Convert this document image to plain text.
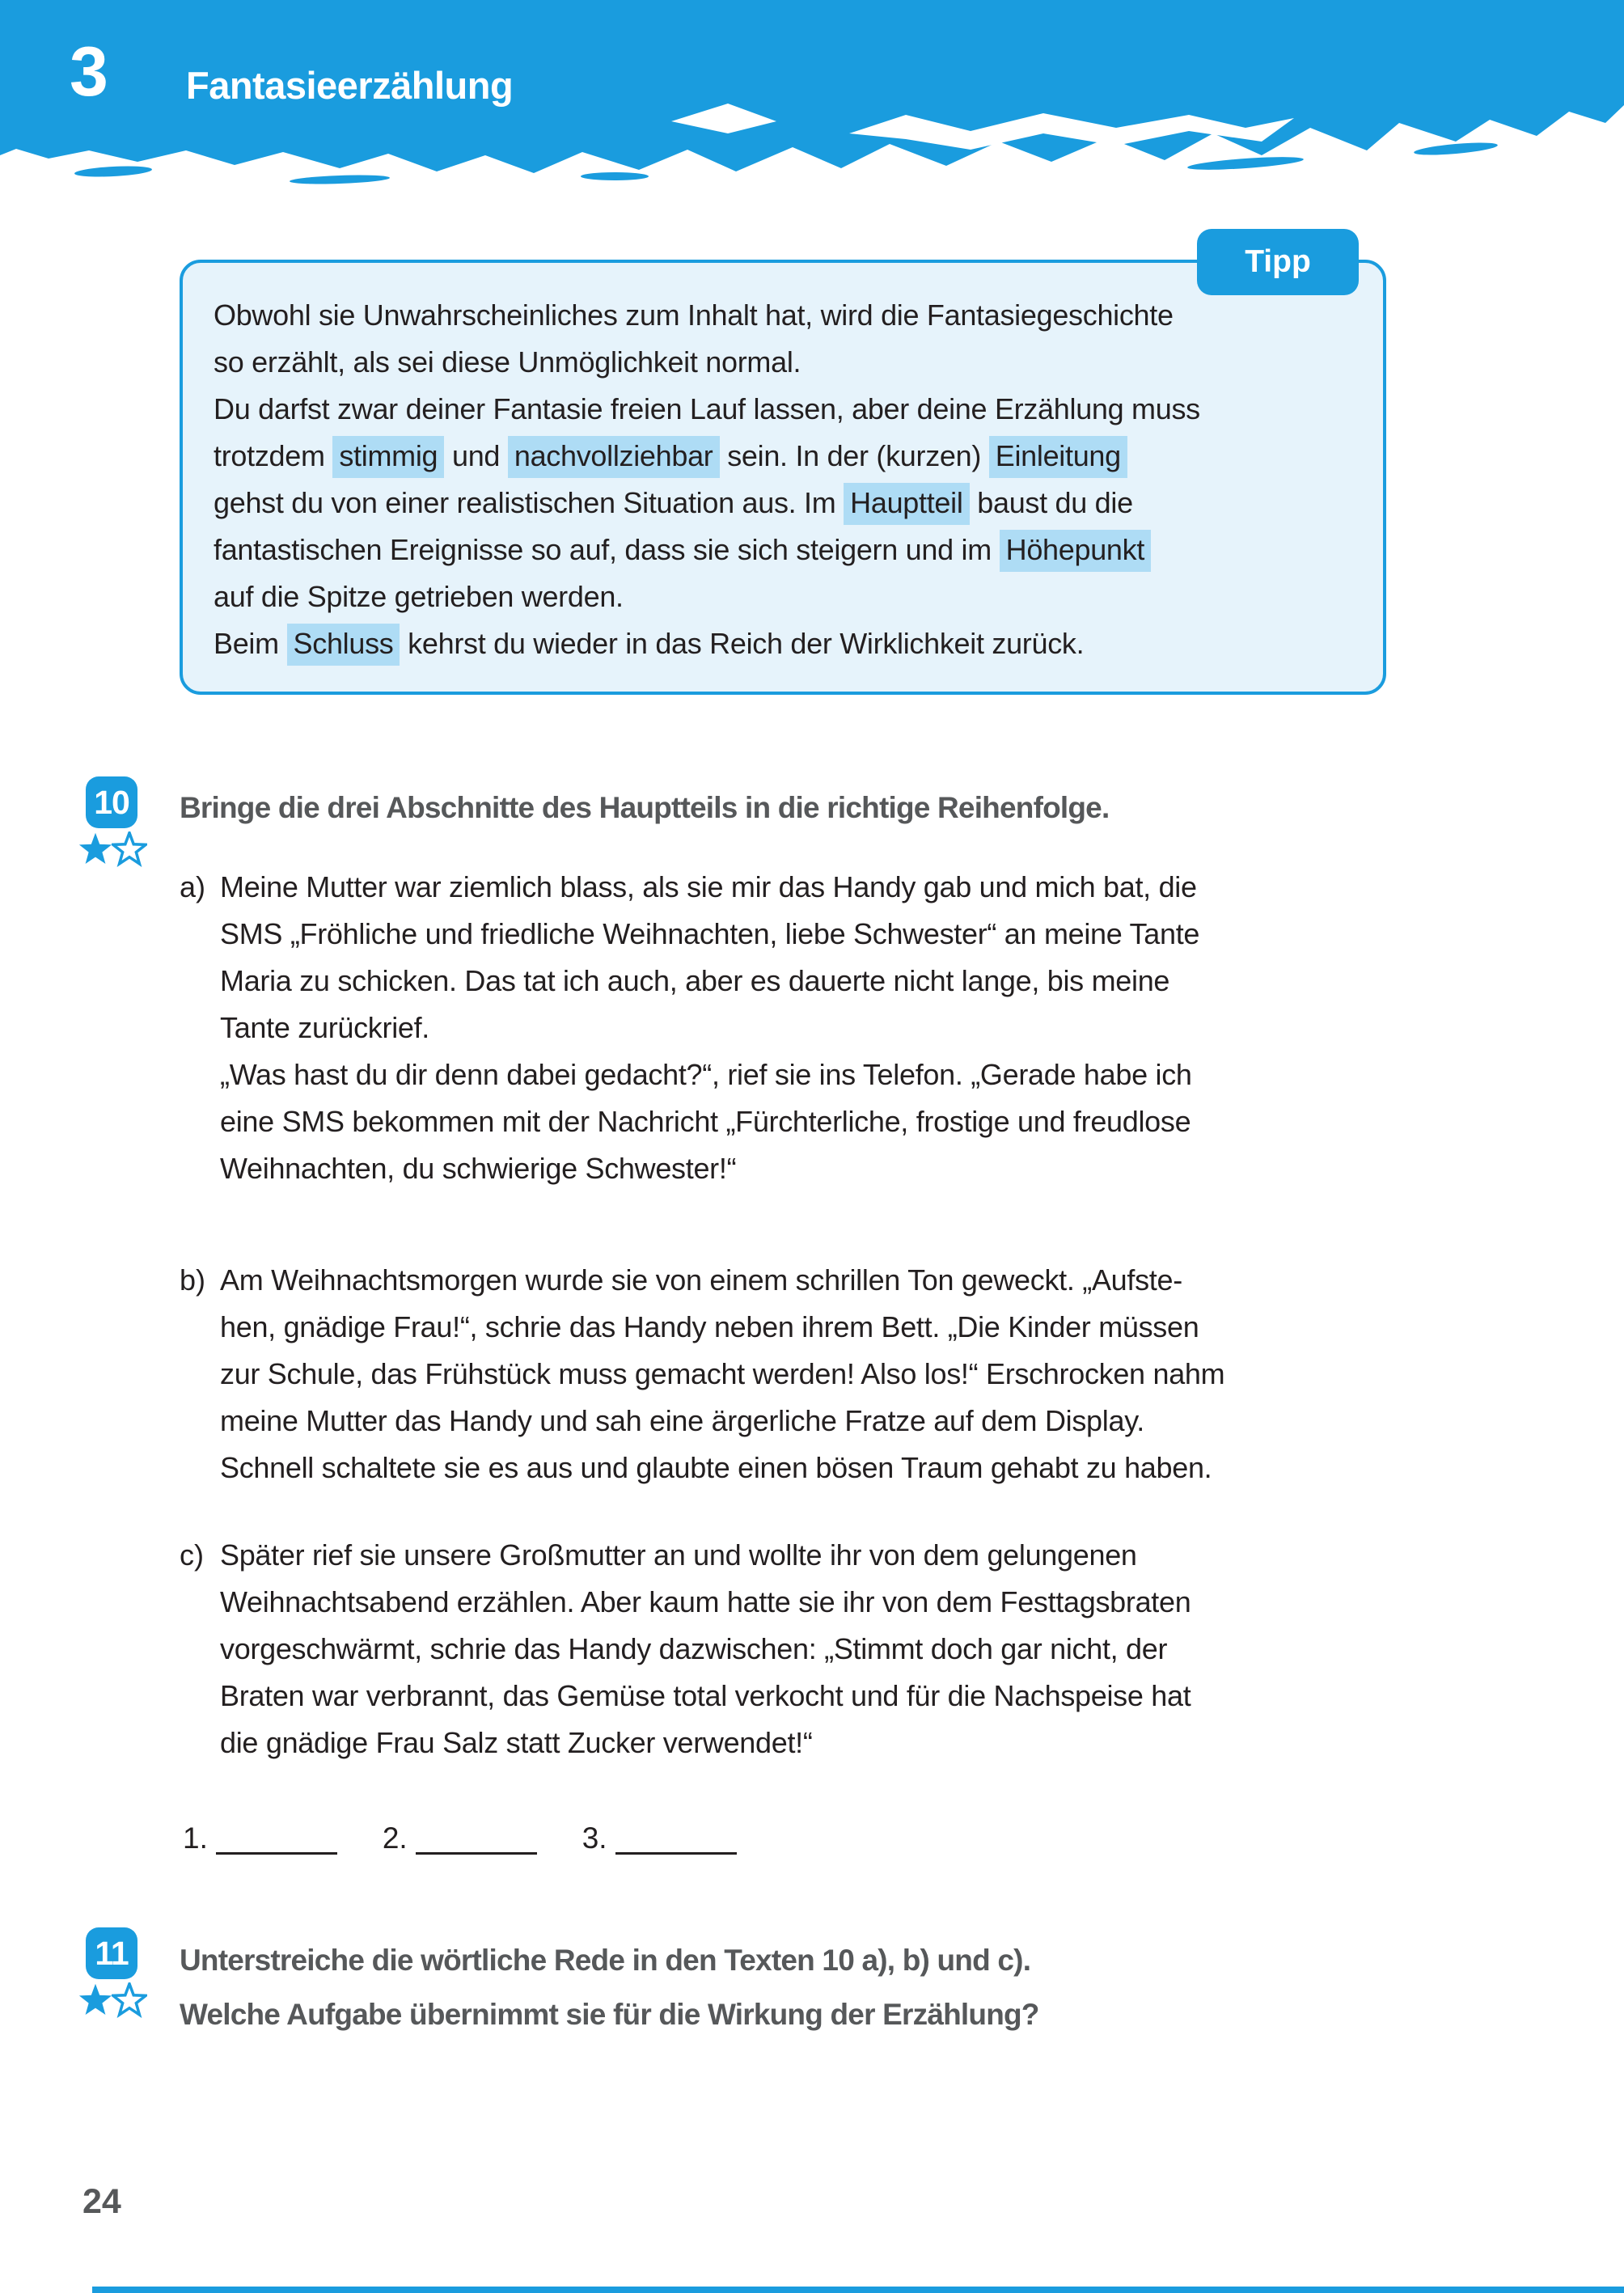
3 Fantasieerzählung
Tipp
Obwohl sie Unwahrscheinliches zum Inhalt hat, wird die Fantasiegeschichte
so erzählt, als sei diese Unmöglichkeit normal.
Du darfst zwar deiner Fantasie freien Lauf lassen, aber deine Erzählung muss
trotzdem stimmig und nachvollziehbar sein. In der (kurzen) Einleitung
gehst du von einer realistischen Situation aus. Im Hauptteil baust du die
fantastischen Ereignisse so auf, dass sie sich steigern und im Höhepunkt
auf die Spitze getrieben werden.
Beim Schluss kehrst du wieder in das Reich der Wirklichkeit zurück.
10 Bringe die drei Abschnitte des Hauptteils in die richtige Reihenfolge.
a) Meine Mutter war ziemlich blass, als sie mir das Handy gab und mich bat, die
SMS „Fröhliche und friedliche Weihnachten, liebe Schwester“ an meine Tante
Maria zu schicken. Das tat ich auch, aber es dauerte nicht lange, bis meine
Tante zurückrief.
„Was hast du dir denn dabei gedacht?“, rief sie ins Telefon. „Gerade habe ich
eine SMS bekommen mit der Nachricht „Fürchterliche, frostige und freudlose
Weihnachten, du schwierige Schwester!“
b) Am Weihnachtsmorgen wurde sie von einem schrillen Ton geweckt. „Aufste-
hen, gnädige Frau!“, schrie das Handy neben ihrem Bett. „Die Kinder müssen
zur Schule, das Frühstück muss gemacht werden! Also los!“ Erschrocken nahm
meine Mutter das Handy und sah eine ärgerliche Fratze auf dem Display.
Schnell schaltete sie es aus und glaubte einen bösen Traum gehabt zu haben.
c) Später rief sie unsere Großmutter an und wollte ihr von dem gelungenen
Weihnachtsabend erzählen. Aber kaum hatte sie ihr von dem Festtagsbraten
vorgeschwärmt, schrie das Handy dazwischen: „Stimmt doch gar nicht, der
Braten war verbrannt, das Gemüse total verkocht und für die Nachspeise hat
die gnädige Frau Salz statt Zucker verwendet!“
1.	2.	3.
11	Unterstreiche die wörtliche Rede in den Texten 10 a), b) und c).
Welche Aufgabe übernimmt sie für die Wirkung der Erzählung?
24
